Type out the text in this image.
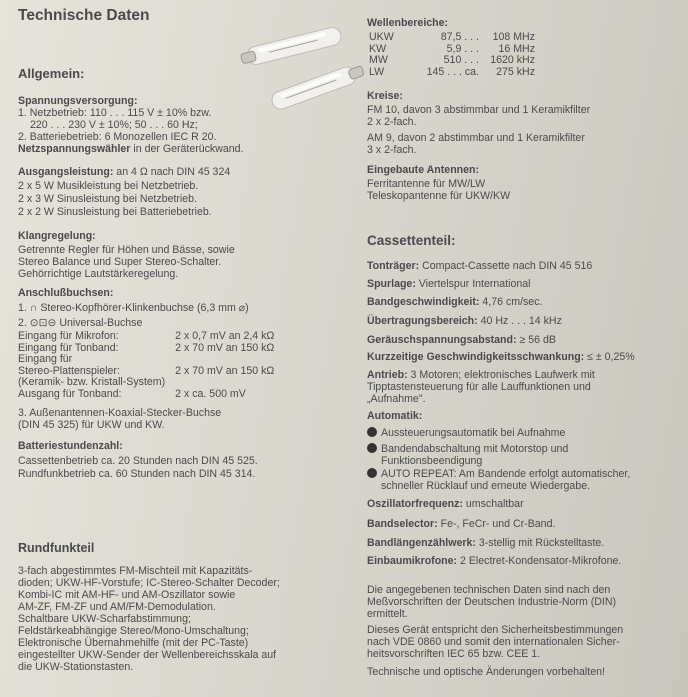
Technische Daten
Allgemein:
Spannungsversorgung:
1. Netzbetrieb: 110 . . . 115 V ± 10% bzw.
220 . . . 230 V ± 10%; 50 . . . 60 Hz;
2. Batteriebetrieb: 6 Monozellen IEC R 20.
Netzspannungswähler in der Geräterückwand.
Ausgangsleistung: an 4 Ω nach DIN 45 324
2 x 5 W Musikleistung bei Netzbetrieb.
2 x 3 W Sinusleistung bei Netzbetrieb.
2 x 2 W Sinusleistung bei Batteriebetrieb.
Klangregelung:
Getrennte Regler für Höhen und Bässe, sowie
Stereo Balance und Super Stereo-Schalter.
Gehörrichtige Lautstärkeregelung.
Anschlußbuchsen:
1. ∩ Stereo-Kopfhörer-Klinkenbuchse (6,3 mm ⌀)
2. ⊙⊡⊝ Universal-Buchse
Eingang für Mikrofon:	2 x 0,7 mV an 2,4 kΩ
Eingang für Tonband:	2 x 70 mV an 150 kΩ
Eingang für	
Stereo-Plattenspieler:	2 x 70 mV an 150 kΩ
(Keramik- bzw. Kristall-System)	
Ausgang für Tonband:	2 x ca. 500 mV
3. Außenantennen-Koaxial-Stecker-Buchse
(DIN 45 325) für UKW und KW.
Batteriestundenzahl:
Cassettenbetrieb ca. 20 Stunden nach DIN 45 525.
Rundfunkbetrieb ca. 60 Stunden nach DIN 45 314.
Rundfunkteil
3-fach abgestimmtes FM-Mischteil mit Kapazitäts-
dioden; UKW-HF-Vorstufe; IC-Stereo-Schalter Decoder;
Kombi-IC mit AM-HF- und AM-Oszillator sowie
AM-ZF, FM-ZF und AM/FM-Demodulation.
Schaltbare UKW-Scharfabstimmung;
Feldstärkeabhängige Stereo/Mono-Umschaltung;
Elektronische Übernahmehilfe (mit der PC-Taste)
eingestellter UKW-Sender der Wellenbereichsskala auf
die UKW-Stationstasten.
Wellenbereiche:
UKW	87,5 . . .	108 MHz
KW	5,9 . . .	16 MHz
MW	510 . . .	1620 kHz
LW	145 . . . ca.	275 kHz
Kreise:
FM 10, davon 3 abstimmbar und 1 Keramikfilter
2 x 2-fach.
AM 9, davon 2 abstimmbar und 1 Keramikfilter
3 x 2-fach.
Eingebaute Antennen:
Ferritantenne für MW/LW
Teleskopantenne für UKW/KW
Cassettenteil:
Tonträger: Compact-Cassette nach DIN 45 516
Spurlage: Viertelspur International
Bandgeschwindigkeit: 4,76 cm/sec.
Übertragungsbereich: 40 Hz . . . 14 kHz
Geräuschspannungsabstand: ≥ 56 dB
Kurzzeitige Geschwindigkeitsschwankung: ≤ ± 0,25%
Antrieb: 3 Motoren; elektronisches Laufwerk mit
Tipptastensteuerung für alle Lauffunktionen und
„Aufnahme".
Automatik:
Aussteuerungsautomatik bei Aufnahme
Bandendabschaltung mit Motorstop und
Funktionsbeendigung
AUTO REPEAT: Am Bandende erfolgt automatischer,
schneller Rücklauf und erneute Wiedergabe.
Oszillatorfrequenz: umschaltbar
Bandselector: Fe-, FeCr- und Cr-Band.
Bandlängenzählwerk: 3-stellig mit Rückstelltaste.
Einbaumikrofone: 2 Electret-Kondensator-Mikrofone.
Die angegebenen technischen Daten sind nach den
Meßvorschriften der Deutschen Industrie-Norm (DIN)
ermittelt.
Dieses Gerät entspricht den Sicherheitsbestimmungen
nach VDE 0860 und somit den internationalen Sicher-
heitsvorschriften IEC 65 bzw. CEE 1.
Technische und optische Änderungen vorbehalten!
